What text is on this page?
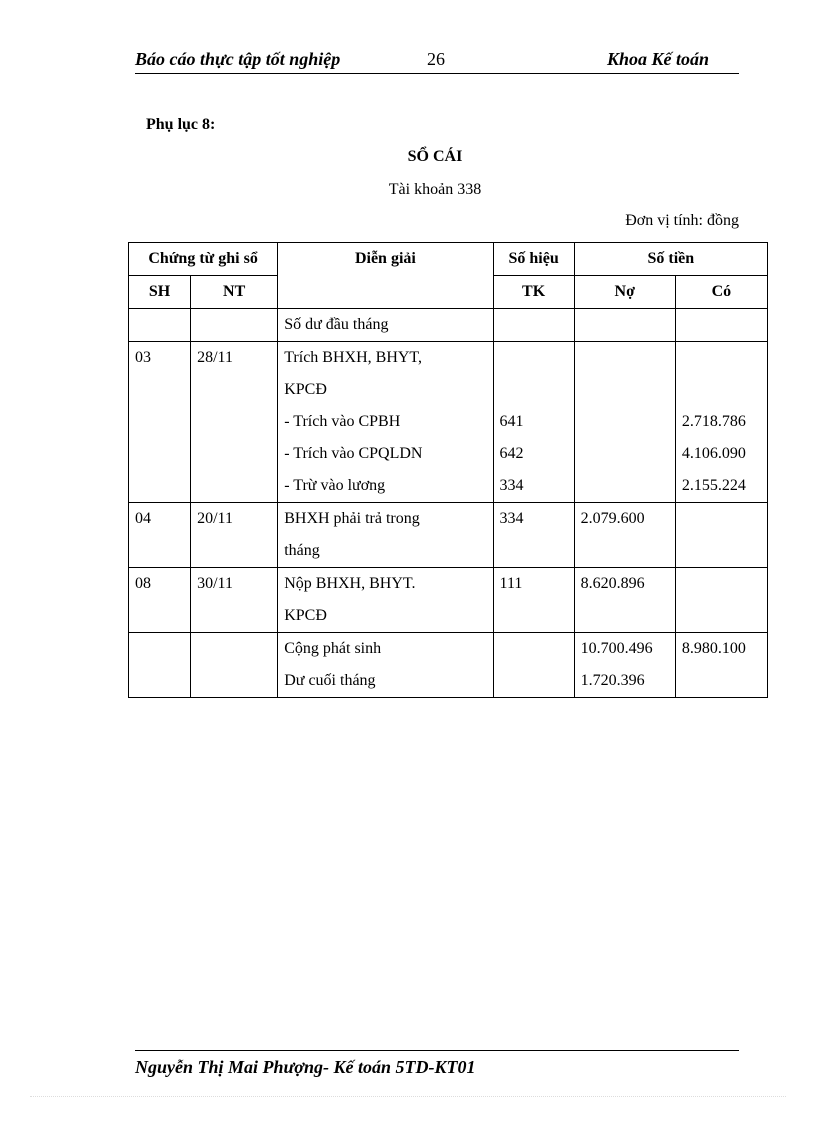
Báo cáo thực tập tốt nghiệp	26	Khoa Kế toán
Phụ lục 8:
SỔ CÁI
Tài khoản 338
Đơn vị tính: đồng
Chứng từ ghi sổ		Diễn giải	Số hiệu	Số tiền	
SH	NT		TK	Nợ	Có
		Số dư đầu tháng			
03	28/11	Trích BHXH, BHYT,			
		KPCĐ			
		- Trích vào CPBH	641		2.718.786
		- Trích vào CPQLDN	642		4.106.090
		- Trừ vào lương	334		2.155.224
04	20/11	BHXH phải trả trong	334	2.079.600	
		tháng			
08	30/11	Nộp BHXH, BHYT.	111	8.620.896	
		KPCĐ			
		Cộng phát sinh		10.700.496	8.980.100
		Dư cuối tháng		1.720.396	
Nguyễn Thị Mai Phượng- Kế toán 5TD-KT01
